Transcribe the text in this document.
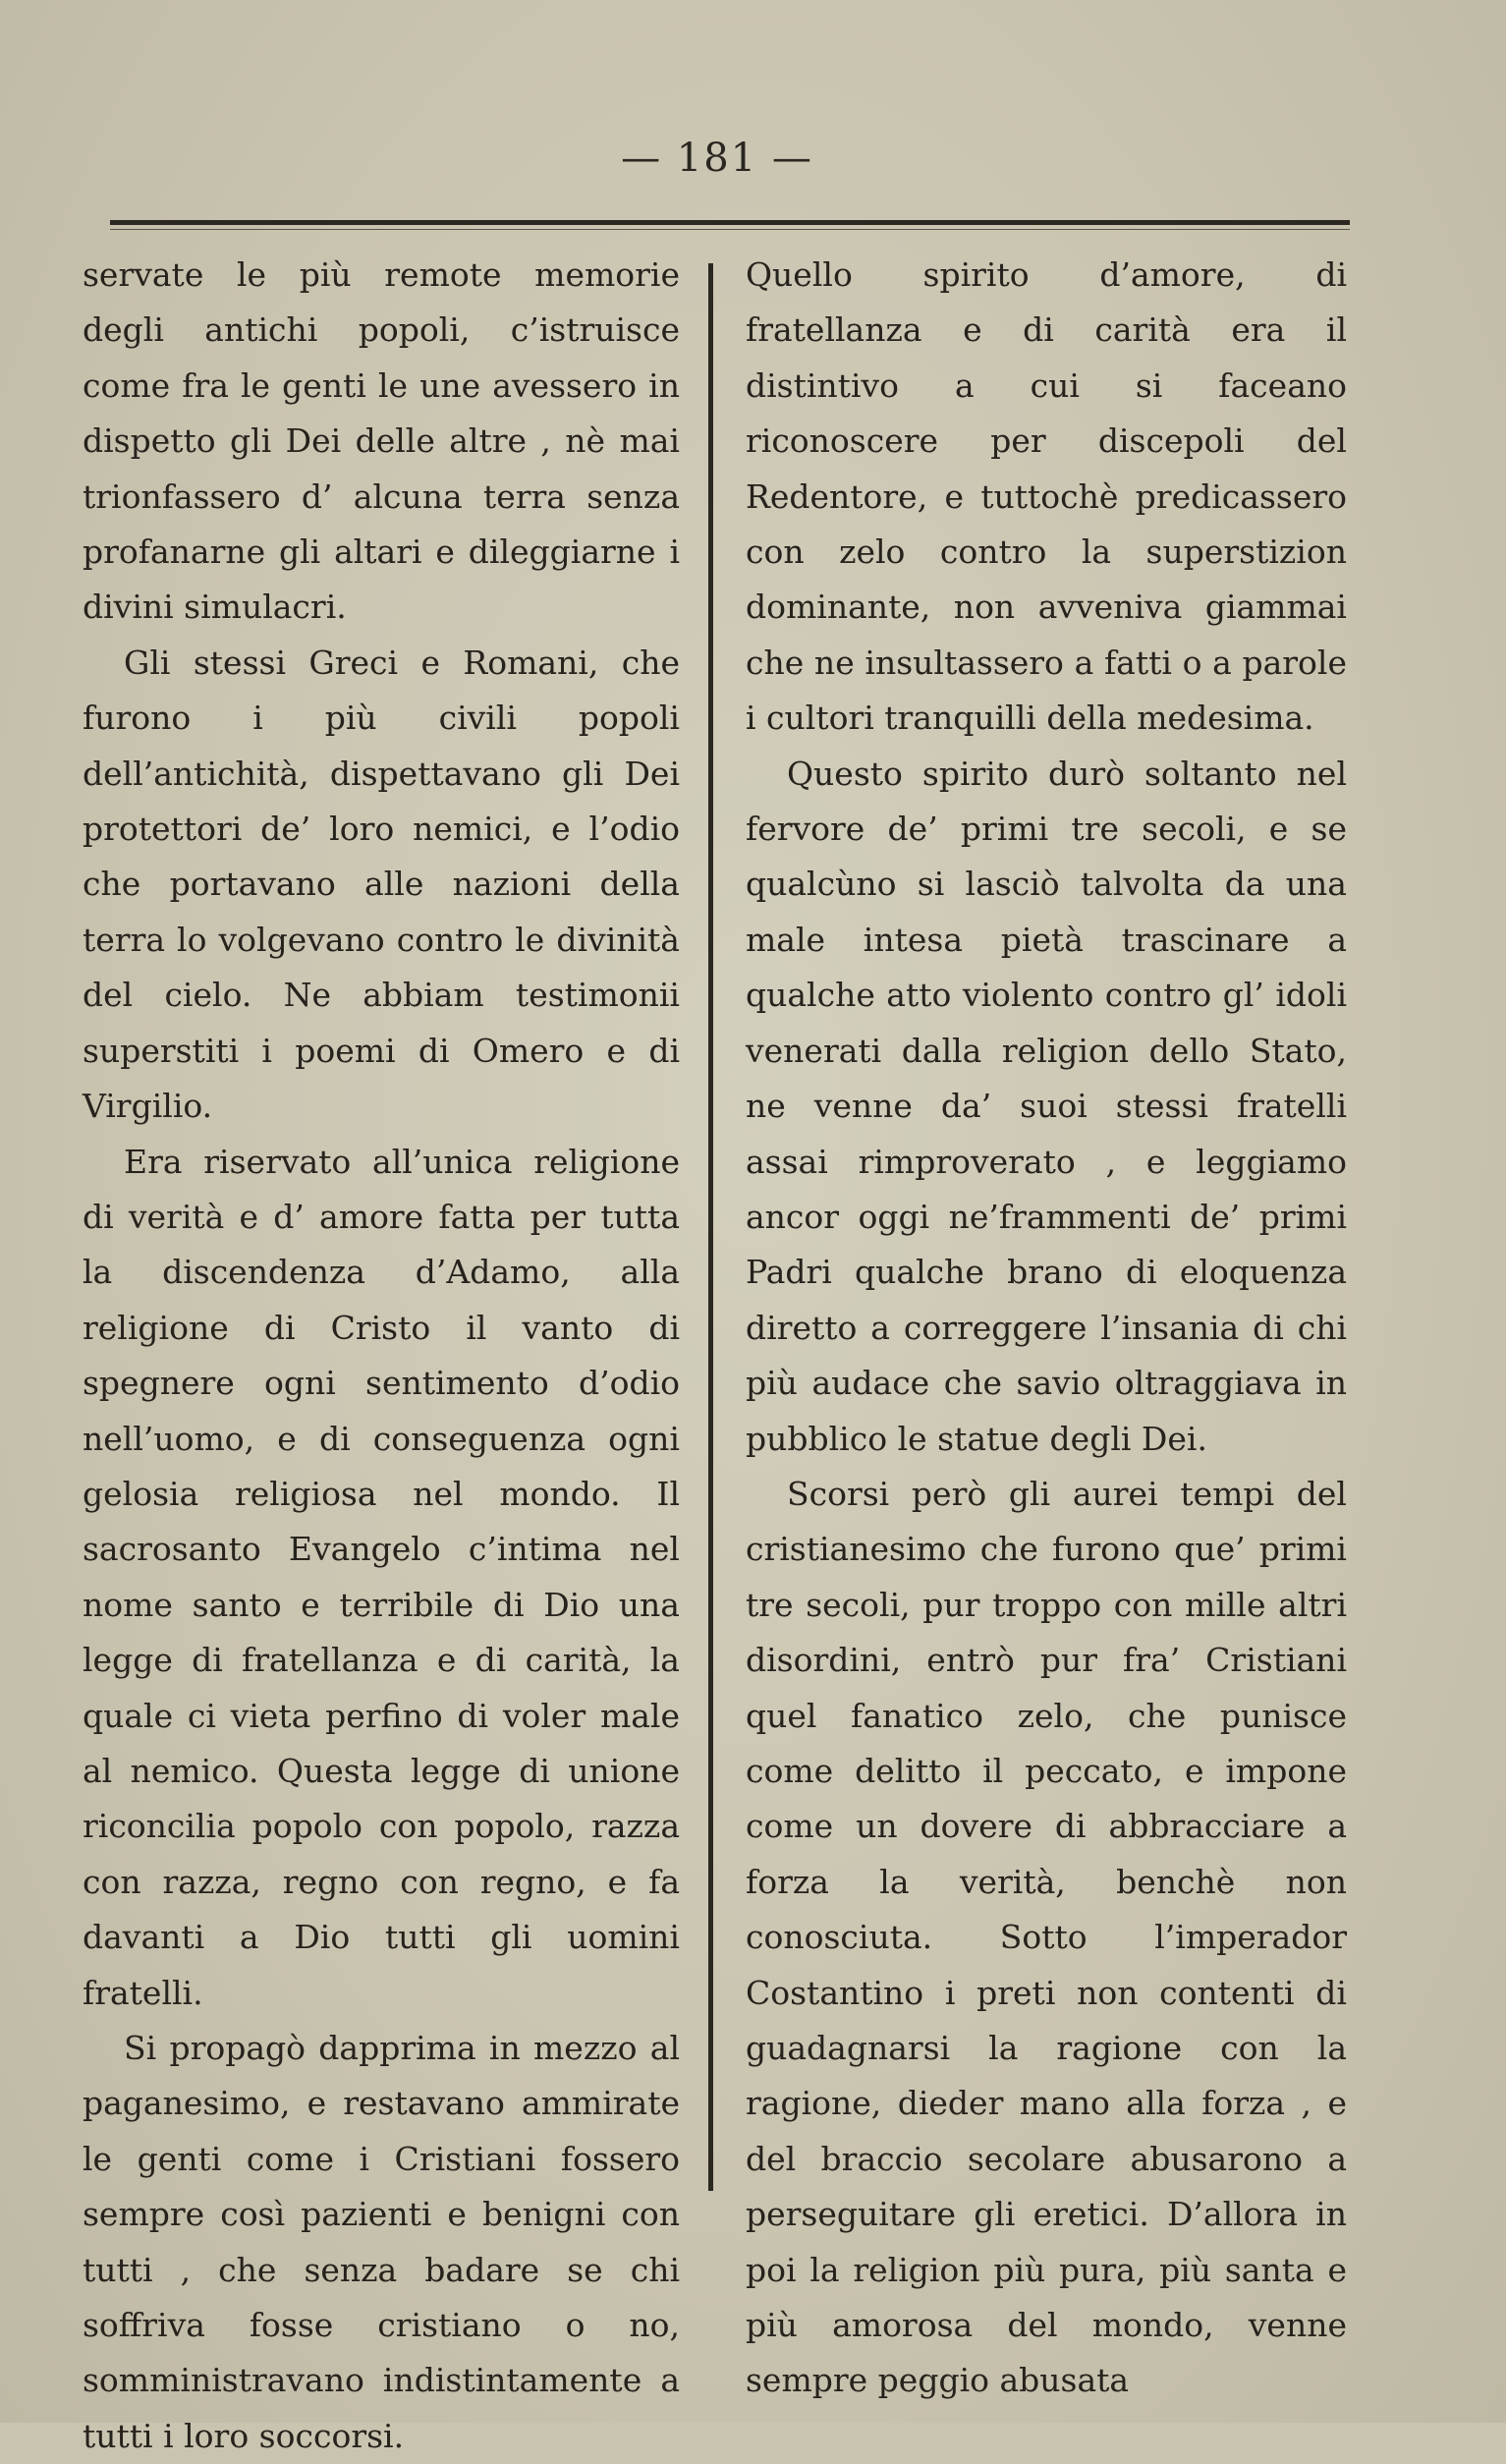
— 181 —

servate le più remote memorie degli antichi popoli, c’istruisce come fra le genti le une avessero in dispetto gli Dei delle altre , nè mai trionfassero d’ alcuna terra senza profanarne gli altari e dileggiarne i divini simulacri.

Gli stessi Greci e Romani, che furono i più civili popoli dell’antichità, dispettavano gli Dei protettori de’ loro nemici, e l’odio che portavano alle nazioni della terra lo volgevano contro le divinità del cielo. Ne abbiam testimonii superstiti i poemi di Omero e di Virgilio.

Era riservato all’unica religione di verità e d’ amore fatta per tutta la discendenza d’Adamo, alla religione di Cristo il vanto di spegnere ogni sentimento d’odio nell’uomo, e di conseguenza ogni gelosia religiosa nel mondo. Il sacrosanto Evangelo c’intima nel nome santo e terribile di Dio una legge di fratellanza e di carità, la quale ci vieta perfino di voler male al nemico. Questa legge di unione riconcilia popolo con popolo, razza con razza, regno con regno, e fa davanti a Dio tutti gli uomini fratelli.

Si propagò dapprima in mezzo al paganesimo, e restavano ammirate le genti come i Cristiani fossero sempre così pazienti e benigni con tutti , che senza badare se chi soffriva fosse cristiano o no, somministravano indistintamente a tutti i loro soccorsi.

Quello spirito d’amore, di fratellanza e di carità era il distintivo a cui si faceano riconoscere per discepoli del Redentore, e tuttochè predicassero con zelo contro la superstizion dominante, non avveniva giammai che ne insultassero a fatti o a parole i cultori tranquilli della medesima.

Questo spirito durò soltanto nel fervore de’ primi tre secoli, e se qualcùno si lasciò talvolta da una male intesa pietà trascinare a qualche atto violento contro gl’ idoli venerati dalla religion dello Stato, ne venne da’ suoi stessi fratelli assai rimproverato , e leggiamo ancor oggi ne’frammenti de’ primi Padri qualche brano di eloquenza diretto a correggere l’insania di chi più audace che savio oltraggiava in pubblico le statue degli Dei.

Scorsi però gli aurei tempi del cristianesimo che furono que’ primi tre secoli, pur troppo con mille altri disordini, entrò pur fra’ Cristiani quel fanatico zelo, che punisce come delitto il peccato, e impone come un dovere di abbracciare a forza la verità, benchè non conosciuta. Sotto l’imperador Costantino i preti non contenti di guadagnarsi la ragione con la ragione, dieder mano alla forza , e del braccio secolare abusarono a perseguitare gli eretici. D’allora in poi la religion più pura, più santa e più amorosa del mondo, venne sempre peggio abusata
